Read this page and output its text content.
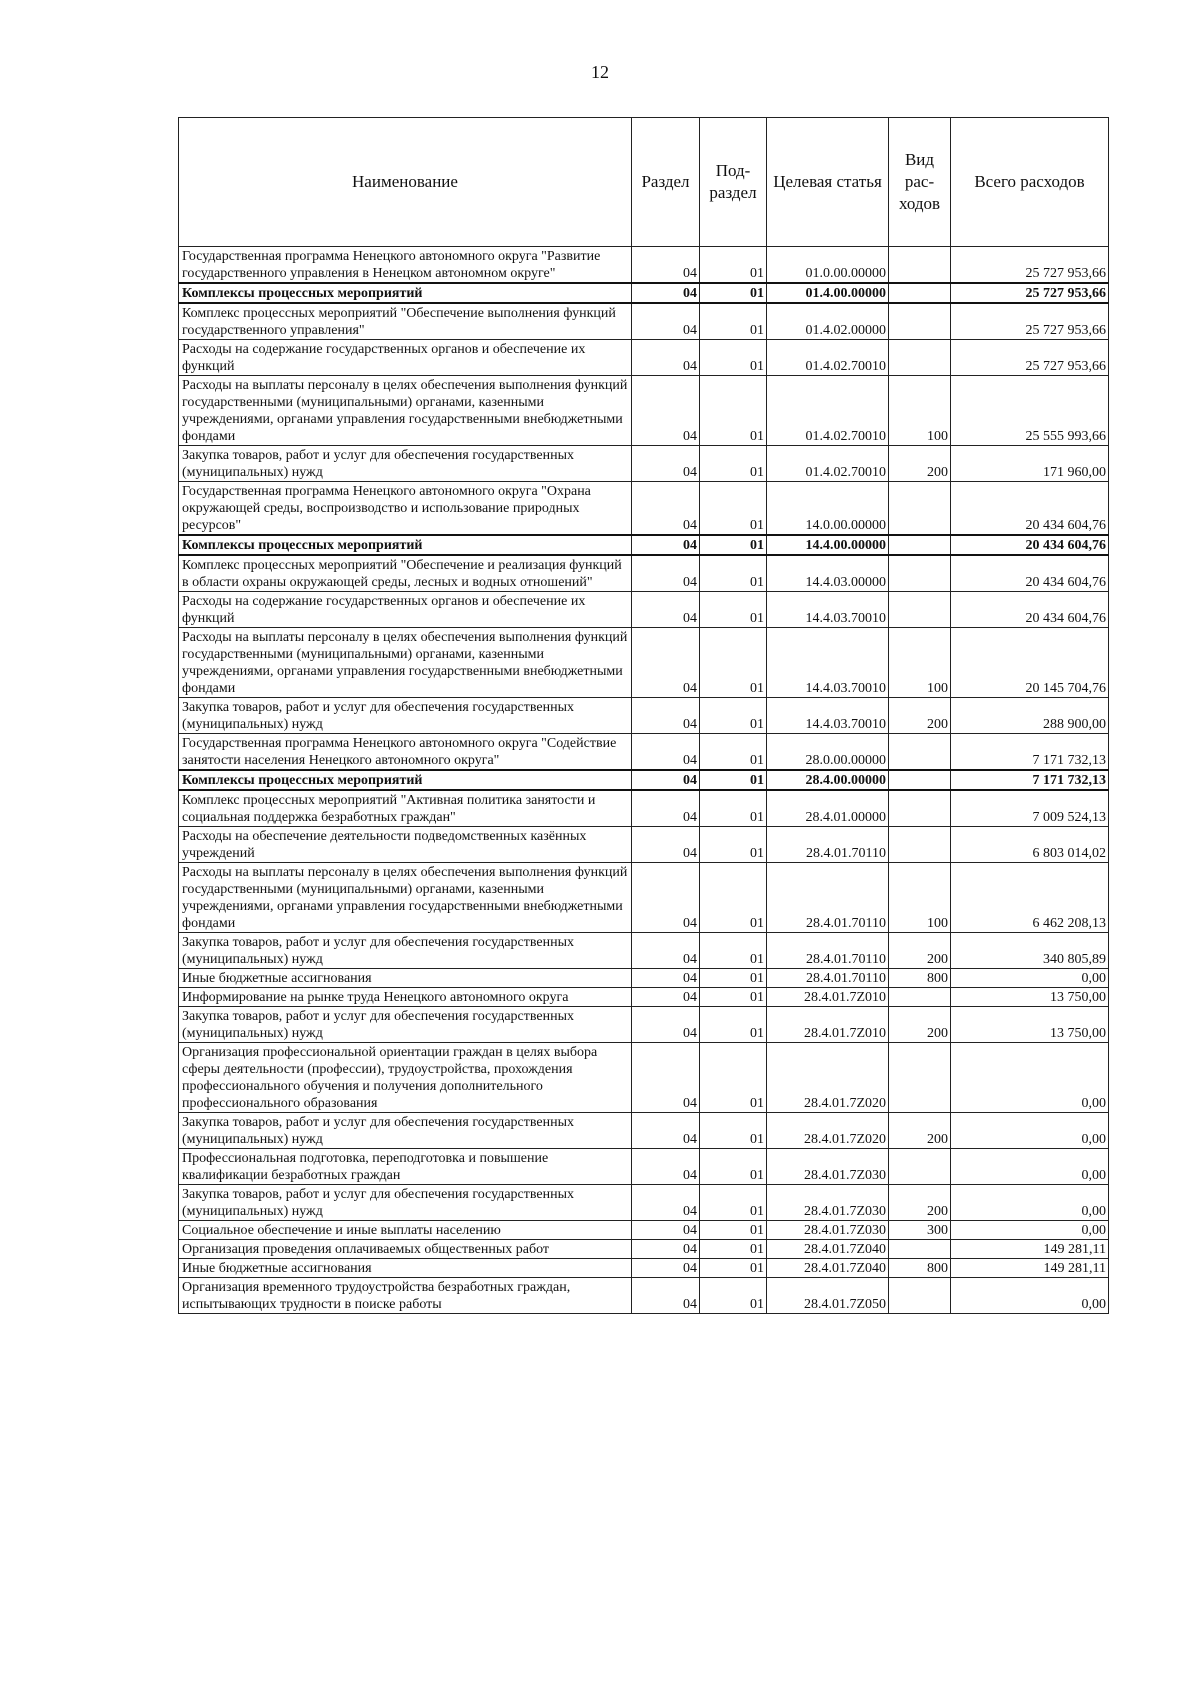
12
Наименование	Раздел	Под-раздел	Целевая статья	Вид рас-ходов	Всего расходов
Государственная программа Ненецкого автономного округа "Развитие государственного управления в Ненецком автономном округе"	04	01	01.0.00.00000		25 727 953,66
Комплексы процессных мероприятий	04	01	01.4.00.00000		25 727 953,66
Комплекс процессных мероприятий "Обеспечение выполнения функций государственного управления"	04	01	01.4.02.00000		25 727 953,66
Расходы на содержание государственных органов и обеспечение их функций	04	01	01.4.02.70010		25 727 953,66
Расходы на выплаты персоналу в целях обеспечения выполнения функций государственными (муниципальными) органами, казенными учреждениями, органами управления государственными внебюджетными фондами	04	01	01.4.02.70010	100	25 555 993,66
Закупка товаров, работ и услуг для обеспечения государственных (муниципальных) нужд	04	01	01.4.02.70010	200	171 960,00
Государственная программа Ненецкого автономного округа "Охрана окружающей среды, воспроизводство и использование природных ресурсов"	04	01	14.0.00.00000		20 434 604,76
Комплексы процессных мероприятий	04	01	14.4.00.00000		20 434 604,76
Комплекс процессных мероприятий "Обеспечение и реализация функций в области охраны окружающей среды, лесных и водных отношений"	04	01	14.4.03.00000		20 434 604,76
Расходы на содержание государственных органов и обеспечение их функций	04	01	14.4.03.70010		20 434 604,76
Расходы на выплаты персоналу в целях обеспечения выполнения функций государственными (муниципальными) органами, казенными учреждениями, органами управления государственными внебюджетными фондами	04	01	14.4.03.70010	100	20 145 704,76
Закупка товаров, работ и услуг для обеспечения государственных (муниципальных) нужд	04	01	14.4.03.70010	200	288 900,00
Государственная программа Ненецкого автономного округа "Содействие занятости населения Ненецкого автономного округа"	04	01	28.0.00.00000		7 171 732,13
Комплексы процессных мероприятий	04	01	28.4.00.00000		7 171 732,13
Комплекс процессных мероприятий "Активная политика занятости и социальная поддержка безработных граждан"	04	01	28.4.01.00000		7 009 524,13
Расходы на обеспечение деятельности подведомственных казённых учреждений	04	01	28.4.01.70110		6 803 014,02
Расходы на выплаты персоналу в целях обеспечения выполнения функций государственными (муниципальными) органами, казенными учреждениями, органами управления государственными внебюджетными фондами	04	01	28.4.01.70110	100	6 462 208,13
Закупка товаров, работ и услуг для обеспечения государственных (муниципальных) нужд	04	01	28.4.01.70110	200	340 805,89
Иные бюджетные ассигнования	04	01	28.4.01.70110	800	0,00
Информирование на рынке труда Ненецкого автономного округа	04	01	28.4.01.7Z010		13 750,00
Закупка товаров, работ и услуг для обеспечения государственных (муниципальных) нужд	04	01	28.4.01.7Z010	200	13 750,00
Организация профессиональной ориентации граждан в целях выбора сферы деятельности (профессии), трудоустройства, прохождения профессионального обучения и получения дополнительного профессионального образования	04	01	28.4.01.7Z020		0,00
Закупка товаров, работ и услуг для обеспечения государственных (муниципальных) нужд	04	01	28.4.01.7Z020	200	0,00
Профессиональная подготовка, переподготовка и повышение квалификации безработных граждан	04	01	28.4.01.7Z030		0,00
Закупка товаров, работ и услуг для обеспечения государственных (муниципальных) нужд	04	01	28.4.01.7Z030	200	0,00
Социальное обеспечение и иные выплаты населению	04	01	28.4.01.7Z030	300	0,00
Организация проведения оплачиваемых общественных работ	04	01	28.4.01.7Z040		149 281,11
Иные бюджетные ассигнования	04	01	28.4.01.7Z040	800	149 281,11
Организация временного трудоустройства безработных граждан, испытывающих трудности в поиске работы	04	01	28.4.01.7Z050		0,00
